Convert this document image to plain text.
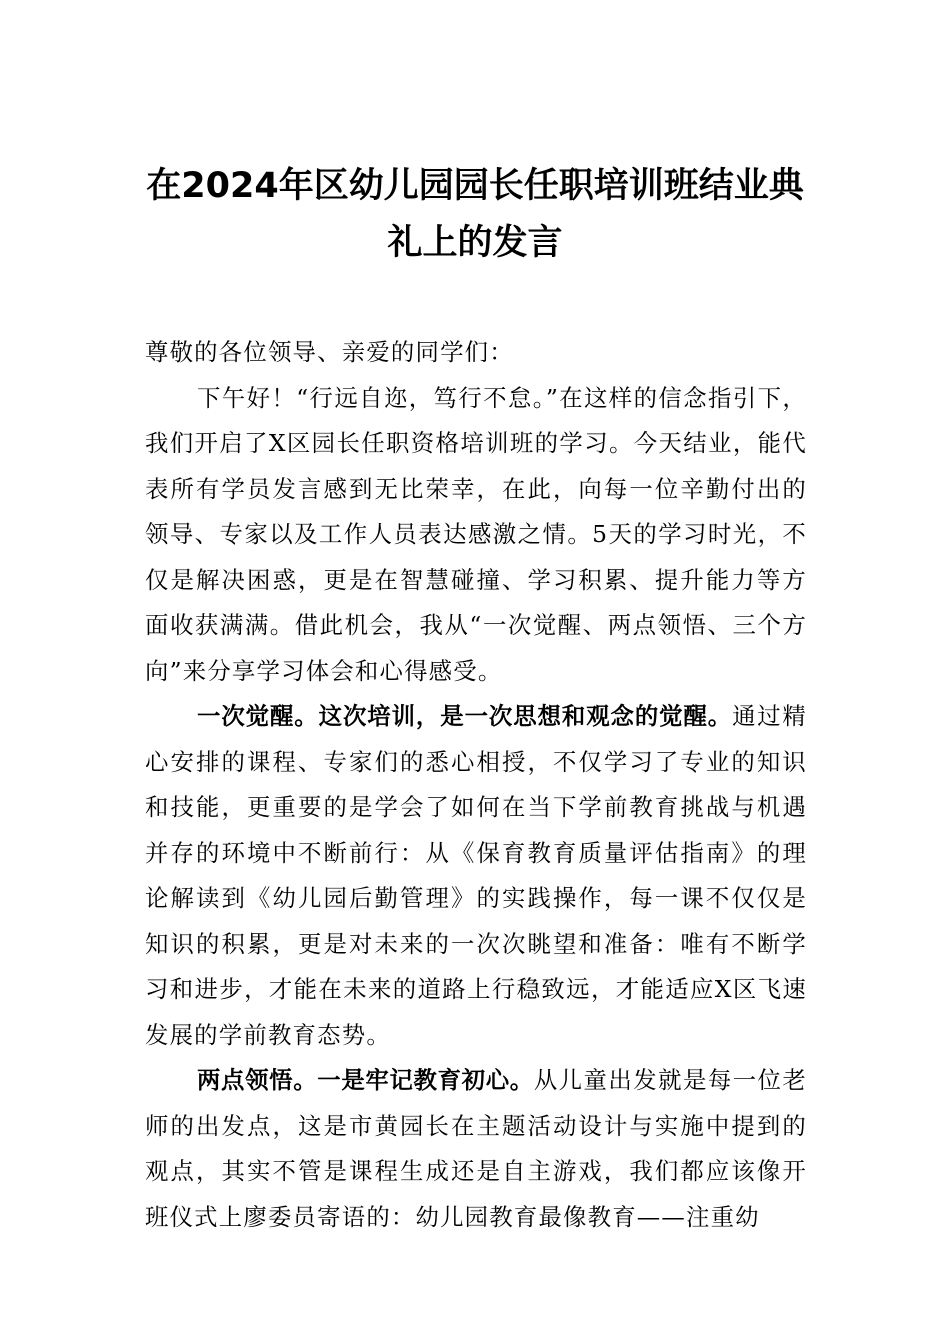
在2024年区幼儿园园长任职培训班结业典
礼上的发言

尊敬的各位领导、亲爱的同学们：

下午好！“行远自迩，笃行不怠。”在这样的信念指引下，我们开启了X区园长任职资格培训班的学习。今天结业，能代表所有学员发言感到无比荣幸，在此，向每一位辛勤付出的领导、专家以及工作人员表达感激之情。5天的学习时光，不仅是解决困惑，更是在智慧碰撞、学习积累、提升能力等方面收获满满。借此机会，我从“一次觉醒、两点领悟、三个方向”来分享学习体会和心得感受。

一次觉醒。这次培训，是一次思想和观念的觉醒。通过精心安排的课程、专家们的悉心相授，不仅学习了专业的知识和技能，更重要的是学会了如何在当下学前教育挑战与机遇并存的环境中不断前行：从《保育教育质量评估指南》的理论解读到《幼儿园后勤管理》的实践操作，每一课不仅仅是知识的积累，更是对未来的一次次眺望和准备：唯有不断学习和进步，才能在未来的道路上行稳致远，才能适应X区飞速发展的学前教育态势。

两点领悟。一是牢记教育初心。从儿童出发就是每一位老师的出发点，这是市黄园长在主题活动设计与实施中提到的观点，其实不管是课程生成还是自主游戏，我们都应该像开班仪式上廖委员寄语的：幼儿园教育最像教育——注重幼
